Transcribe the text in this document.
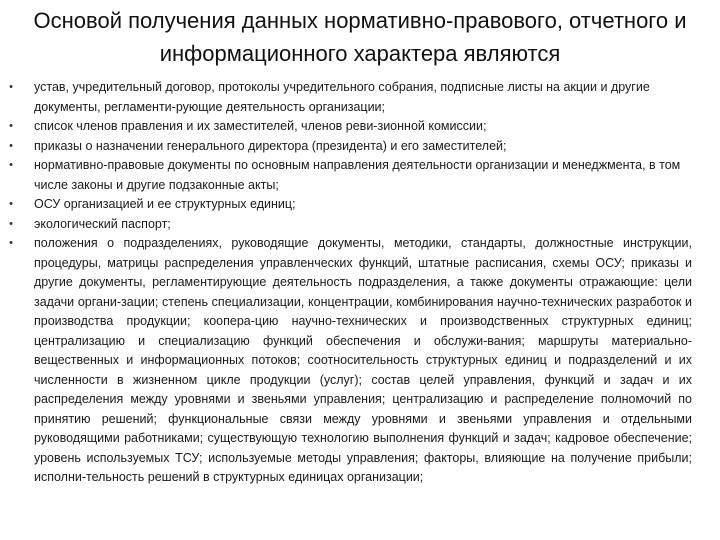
Основой получения данных нормативно-правового, отчетного и информационного характера являются
• устав, учредительный договор, протоколы учредительного собрания, подписные листы на акции и другие документы, регламенти-рующие деятельность организации;
• список членов правления и их заместителей, членов реви-зионной комиссии;
• приказы о назначении генерального директора (президента) и его заместителей;
• нормативно-правовые документы по основным направления деятельности организации и менеджмента, в том числе законы и другие подзаконные акты;
• ОСУ организацией и ее структурных единиц;
• экологический паспорт;
• положения о подразделениях, руководящие документы, методики, стандарты, должностные инструкции, процедуры, матрицы распределения управленческих функций, штатные расписания, схемы ОСУ; приказы и другие документы, регламентирующие деятельность подразделения, а также документы отражающие: цели задачи органи-зации; степень специализации, концентрации, комбинирования научно-технических разработок и производства продукции; коопера-цию научно-технических и производственных структурных единиц; централизацию и специализацию функций обеспечения и обслужи-вания; маршруты материально-вещественных и информационных потоков; соотносительность структурных единиц и подразделений и их численности в жизненном цикле продукции (услуг); состав целей управления, функций и задач и их распределения между уровнями и звеньями управления; централизацию и распределение полномочий по принятию решений; функциональные связи между уровнями и звеньями управления и отдельными руководящими работниками; существующую технологию выполнения функций и задач; кадровое обеспечение; уровень используемых ТСУ; используемые методы управления; факторы, влияющие на получение прибыли; исполни-тельность решений в структурных единицах организации;
